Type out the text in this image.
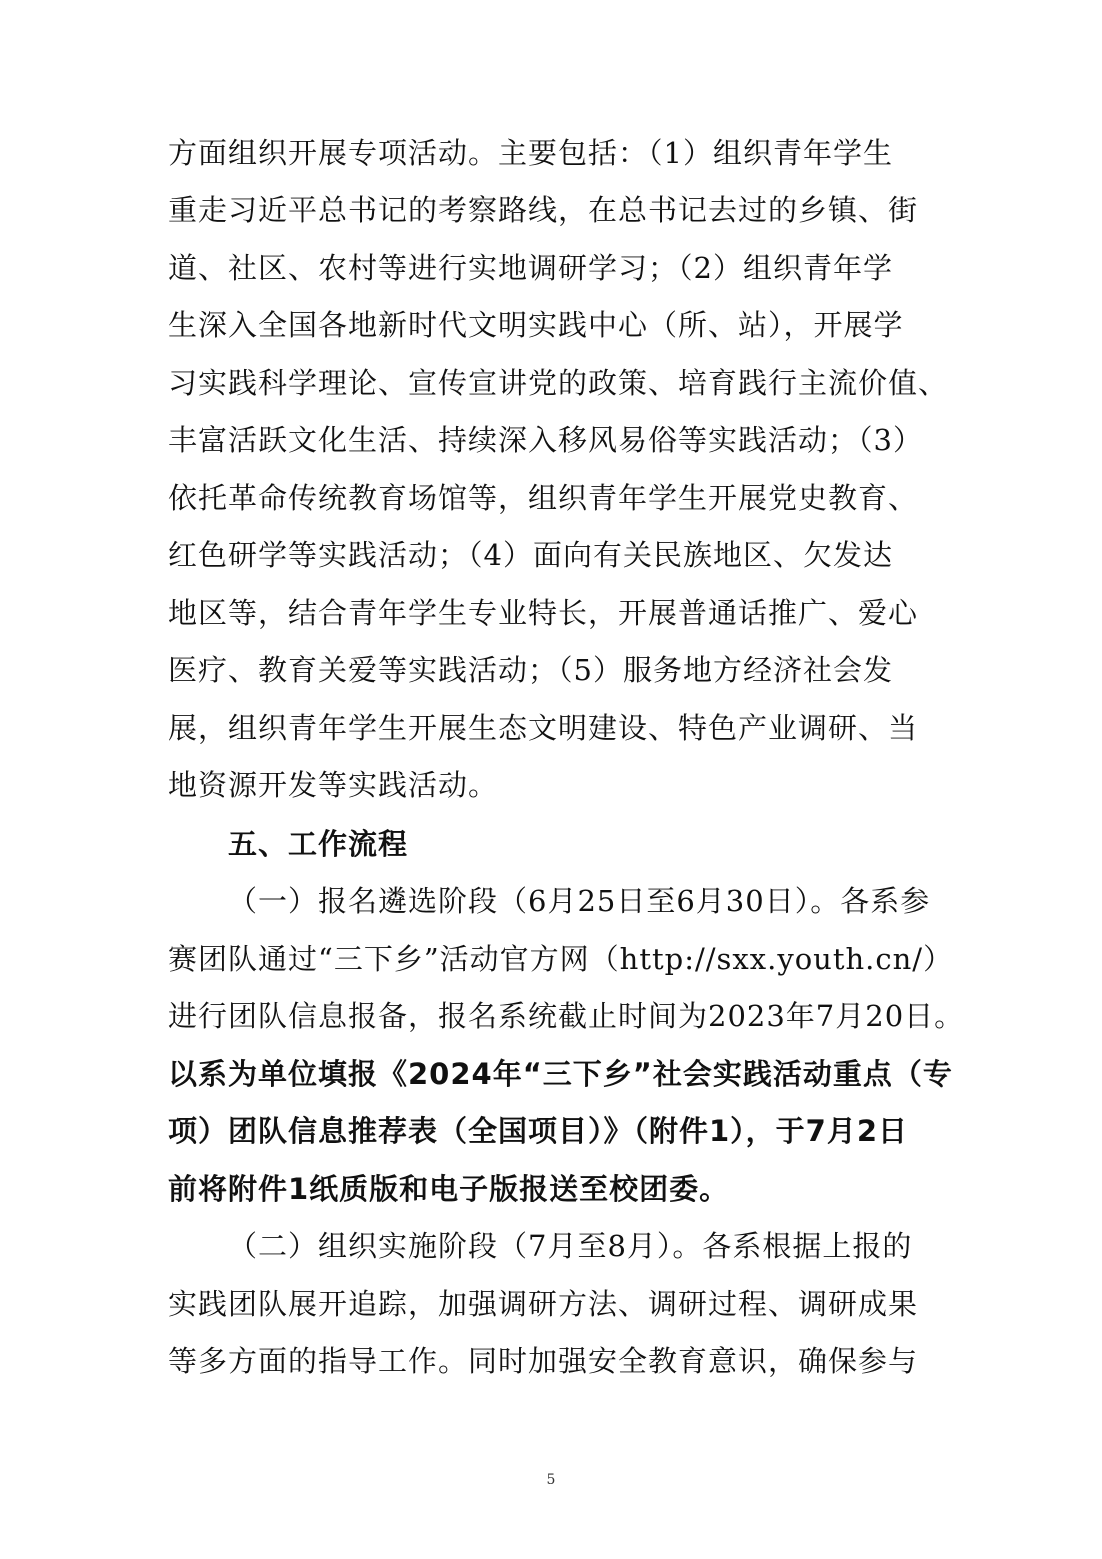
方面组织开展专项活动。主要包括：（1）组织青年学生
重走习近平总书记的考察路线，在总书记去过的乡镇、街
道、社区、农村等进行实地调研学习；（2）组织青年学
生深入全国各地新时代文明实践中心（所、站），开展学
习实践科学理论、宣传宣讲党的政策、培育践行主流价值、
丰富活跃文化生活、持续深入移风易俗等实践活动；（3）
依托革命传统教育场馆等，组织青年学生开展党史教育、
红色研学等实践活动；（4）面向有关民族地区、欠发达
地区等，结合青年学生专业特长，开展普通话推广、爱心
医疗、教育关爱等实践活动；（5）服务地方经济社会发
展，组织青年学生开展生态文明建设、特色产业调研、当
地资源开发等实践活动。
五、工作流程
（一）报名遴选阶段（6月25日至6月30日）。各系参
赛团队通过“三下乡”活动官方网（http://sxx.youth.cn/）
进行团队信息报备，报名系统截止时间为2023年7月20日。
以系为单位填报《2024年“三下乡”社会实践活动重点（专
项）团队信息推荐表（全国项目）》（附件1），于7月2日
前将附件1纸质版和电子版报送至校团委。
（二）组织实施阶段（7月至8月）。各系根据上报的
实践团队展开追踪，加强调研方法、调研过程、调研成果
等多方面的指导工作。同时加强安全教育意识，确保参与
5
